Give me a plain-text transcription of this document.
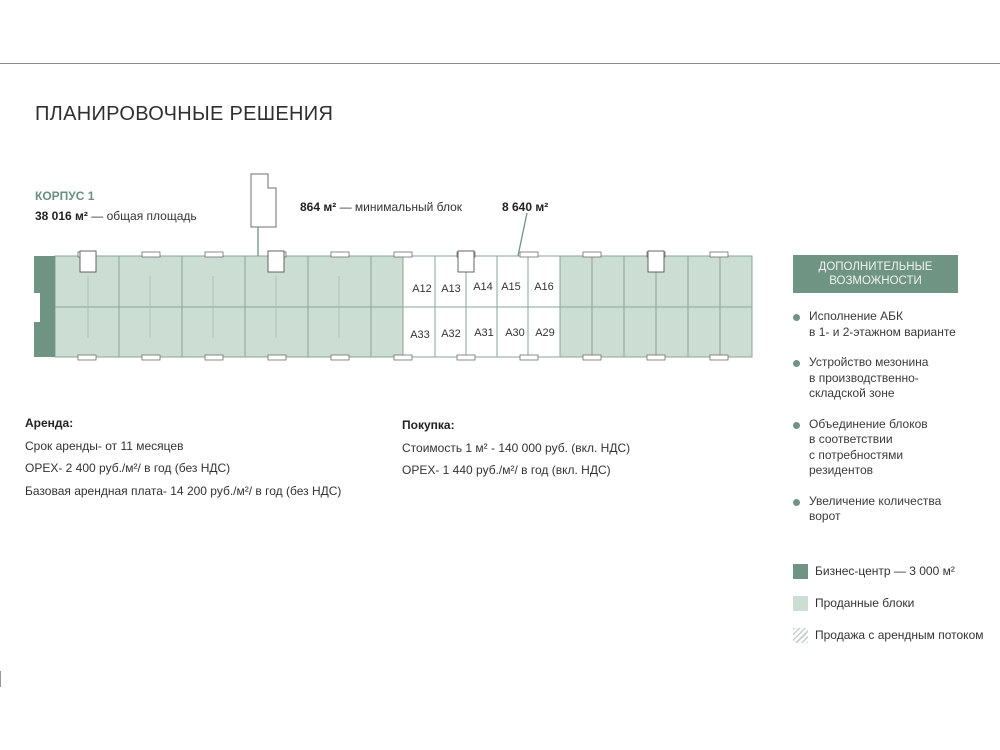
ПЛАНИРОВОЧНЫЕ РЕШЕНИЯ
КОРПУС 1
38 016 м² — общая площадь
864 м² — минимальный блок	8 640 м²
A12 A13 A14 A15 A16
A33 A32 A31 A30 A29
ДОПОЛНИТЕЛЬНЫЕ
ВОЗМОЖНОСТИ
Исполнение АБК
в 1- и 2-этажном варианте
Устройство мезонина
в производственно-
складской зоне
Объединение блоков
в соответствии
с потребностями
резидентов
Увеличение количества
ворот
Бизнес-центр — 3 000 м²
Проданные блоки
Продажа с арендным потоком
Аренда:
Срок аренды- от 11 месяцев
OPEX- 2 400 руб./м²/ в год (без НДС)
Базовая арендная плата- 14 200 руб./м²/ в год (без НДС)
Покупка:
Стоимость 1 м² - 140 000 руб. (вкл. НДС)
OPEX- 1 440 руб./м²/ в год (вкл. НДС)
